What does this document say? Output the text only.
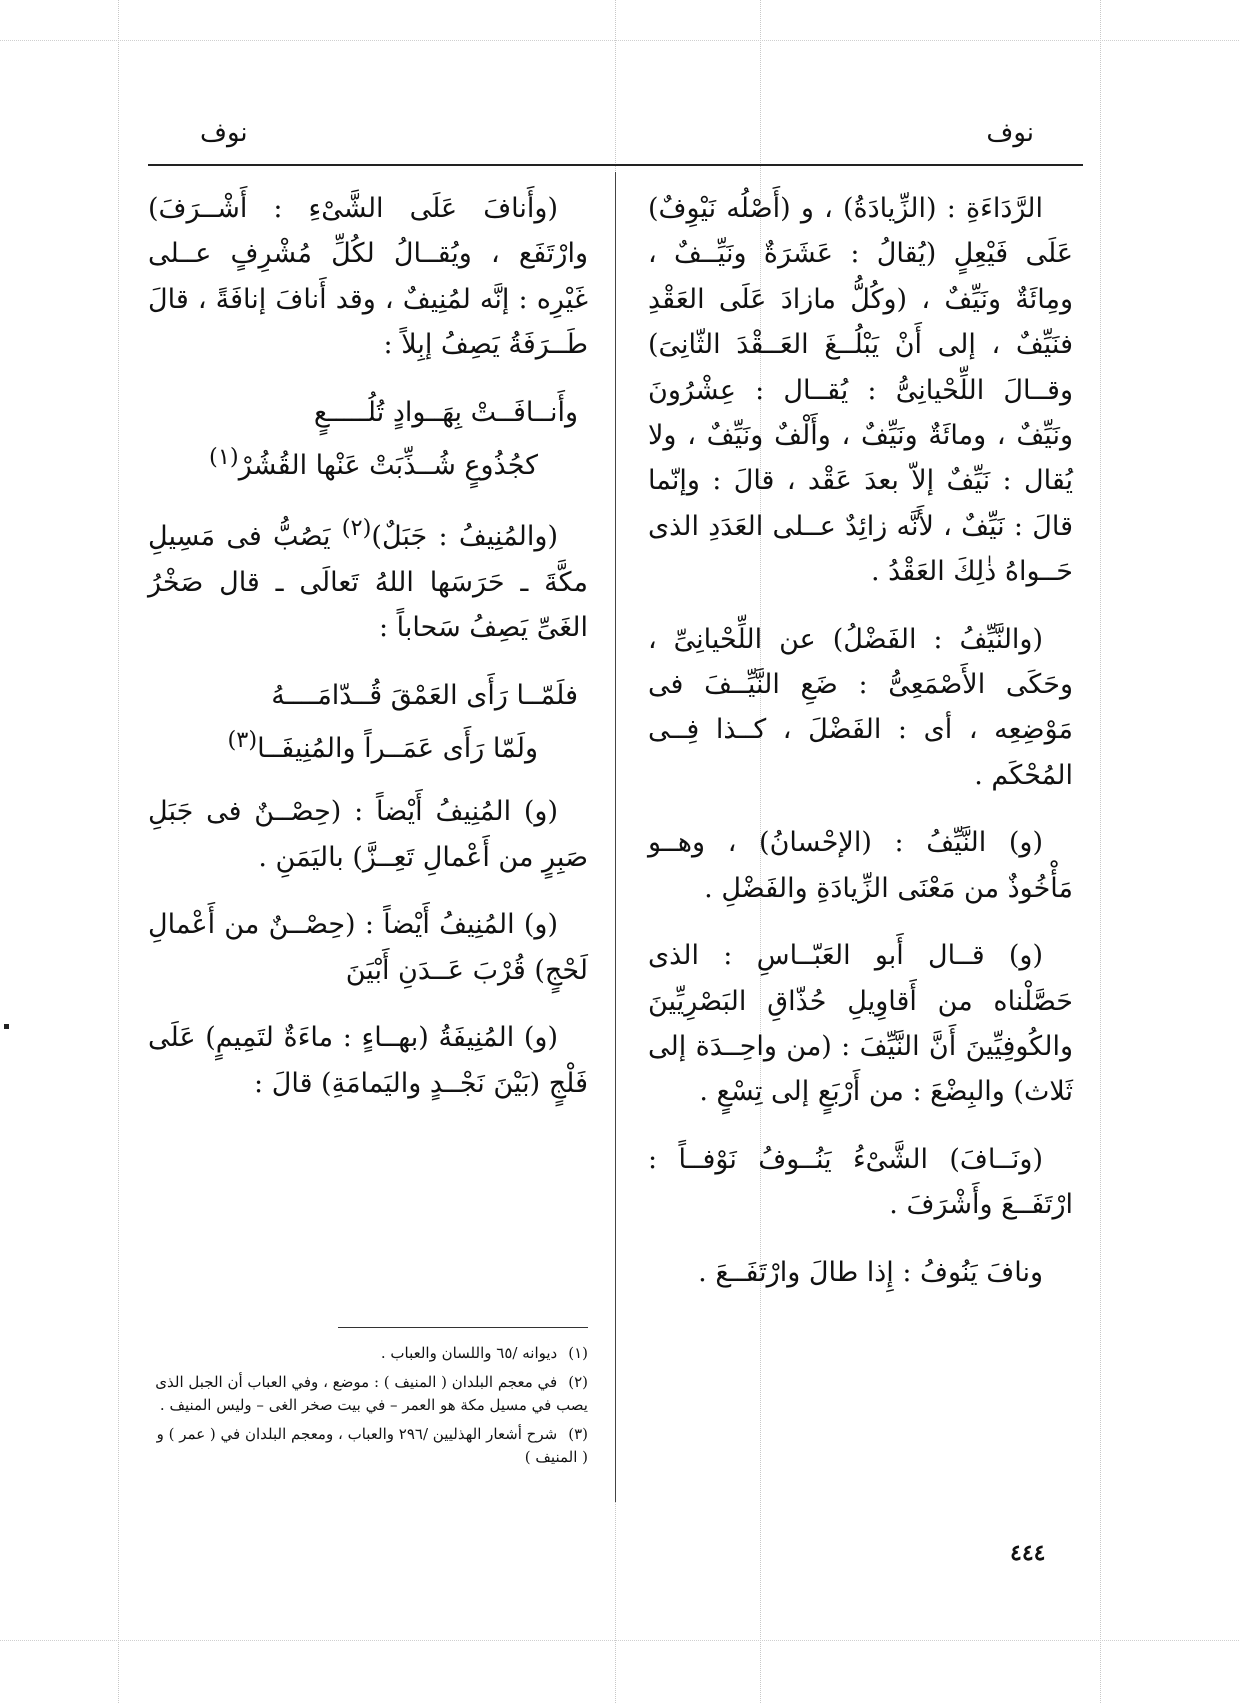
نوف
نوف

الرَّدَاءَةِ : (الزِّيادَةُ) ، و (أَصْلُه نَيْوِفٌ) عَلَى فَيْعِلٍ (يُقالُ : عَشَرَةٌ ونَيِّــفٌ ، ومِائَةٌ ونَيِّفٌ ، (وكُلُّ مازادَ عَلَى العَقْدِ فنَيِّفٌ ، إلى أَنْ يَبْلُــغَ العَــقْدَ الثّانِىَ) وقــالَ اللِّحْيانِىُّ : يُقــال : عِشْرُونَ ونَيِّفٌ ، ومائَةٌ ونَيِّفٌ ، وأَلْفٌ ونَيِّفٌ ، ولا يُقال : نَيِّفٌ إلاّ بعدَ عَقْد ، قالَ : وإنّما قالَ : نَيِّفٌ ، لأَنَّه زائِدٌ عــلى العَدَدِ الذى حَــواهُ ذٰلِكَ العَقْدُ .

(والنَّيِّفُ : الفَضْلُ) عن اللِّحْيانِىِّ ، وحَكَى الأَصْمَعِىُّ : ضَعِ النَّيِّــفَ فى مَوْضِعِه ، أى : الفَضْلَ ، كــذا فِــى المُحْكَم .

(و) النَّيِّفُ : (الإحْسانُ) ، وهــو مَأْخُوذٌ من مَعْنَى الزِّيادَةِ والفَضْلِ .

(و) قــال أَبو العَبّــاسِ : الذى حَصَّلْناه من أَقاوِيلِ حُذّاقِ البَصْرِيِّينَ والكُوفِيِّينَ أَنَّ النَّيِّفَ : (من واحِــدَة إلى ثَلاث) والبِضْعَ : من أَرْبَعٍ إلى تِسْعٍ .

(ونَــافَ) الشَّىْءُ يَنُــوفُ نَوْفــاً : ارْتَفَــعَ وأَشْرَفَ .

ونافَ يَنُوفُ : إِذا طالَ وارْتَفَــعَ .

(وأَنافَ عَلَى الشَّىْءِ : أَشْــرَفَ) وارْتَفَع ، ويُقــالُ لكُلِّ مُشْرِفٍ عــلى غَيْرِه : إنَّه لمُنِيفٌ ، وقد أَنافَ إنافَةً ، قالَ طَــرَفَةُ يَصِفُ إبِلاً :

وأَنــافَــتْ بِهَــوادٍ تُلُـــــعٍ
كجُذُوعٍ شُــذِّبَتْ عَنْها القُشُرْ$^{(١)}$

(والمُنِيفُ : جَبَلٌ)$^{(٢)}$ يَصُبُّ فى مَسِيلِ مكَّةَ ـ حَرَسَها اللهُ تَعالَى ـ قال صَخْرُ الغَىِّ يَصِفُ سَحاباً :

فلَمّــا رَأَى العَمْقَ قُــدّامَــــهُ
ولَمّا رَأَى عَمَــراً والمُنِيفَــا$^{(٣)}$

(و) المُنِيفُ أَيْضاً : (حِصْــنٌ فى جَبَلِ صَبِرٍ من أَعْمالِ تَعِــزَّ) باليَمَنِ .

(و) المُنِيفُ أَيْضاً : (حِصْــنٌ من أَعْمالِ لَحْجٍ) قُرْبَ عَــدَنِ أَبْيَنَ

(و) المُنِيفَةُ (بهــاءٍ : ماءَةٌ لتَمِيمٍ) عَلَى فَلْجٍ (بَيْنَ نَجْــدٍ واليَمامَةِ) قالَ :

(١) ديوانه /٦٥ واللسان والعباب .
(٢) في معجم البلدان ( المنيف ) : موضع ، وفي العباب أن الجبل الذى يصب في مسيل مكة هو العمر – في بيت صخر الغى – وليس المنيف .
(٣) شرح أشعار الهذليين /٢٩٦ والعباب ، ومعجم البلدان في ( عمر ) و ( المنيف )
٤٤٤
